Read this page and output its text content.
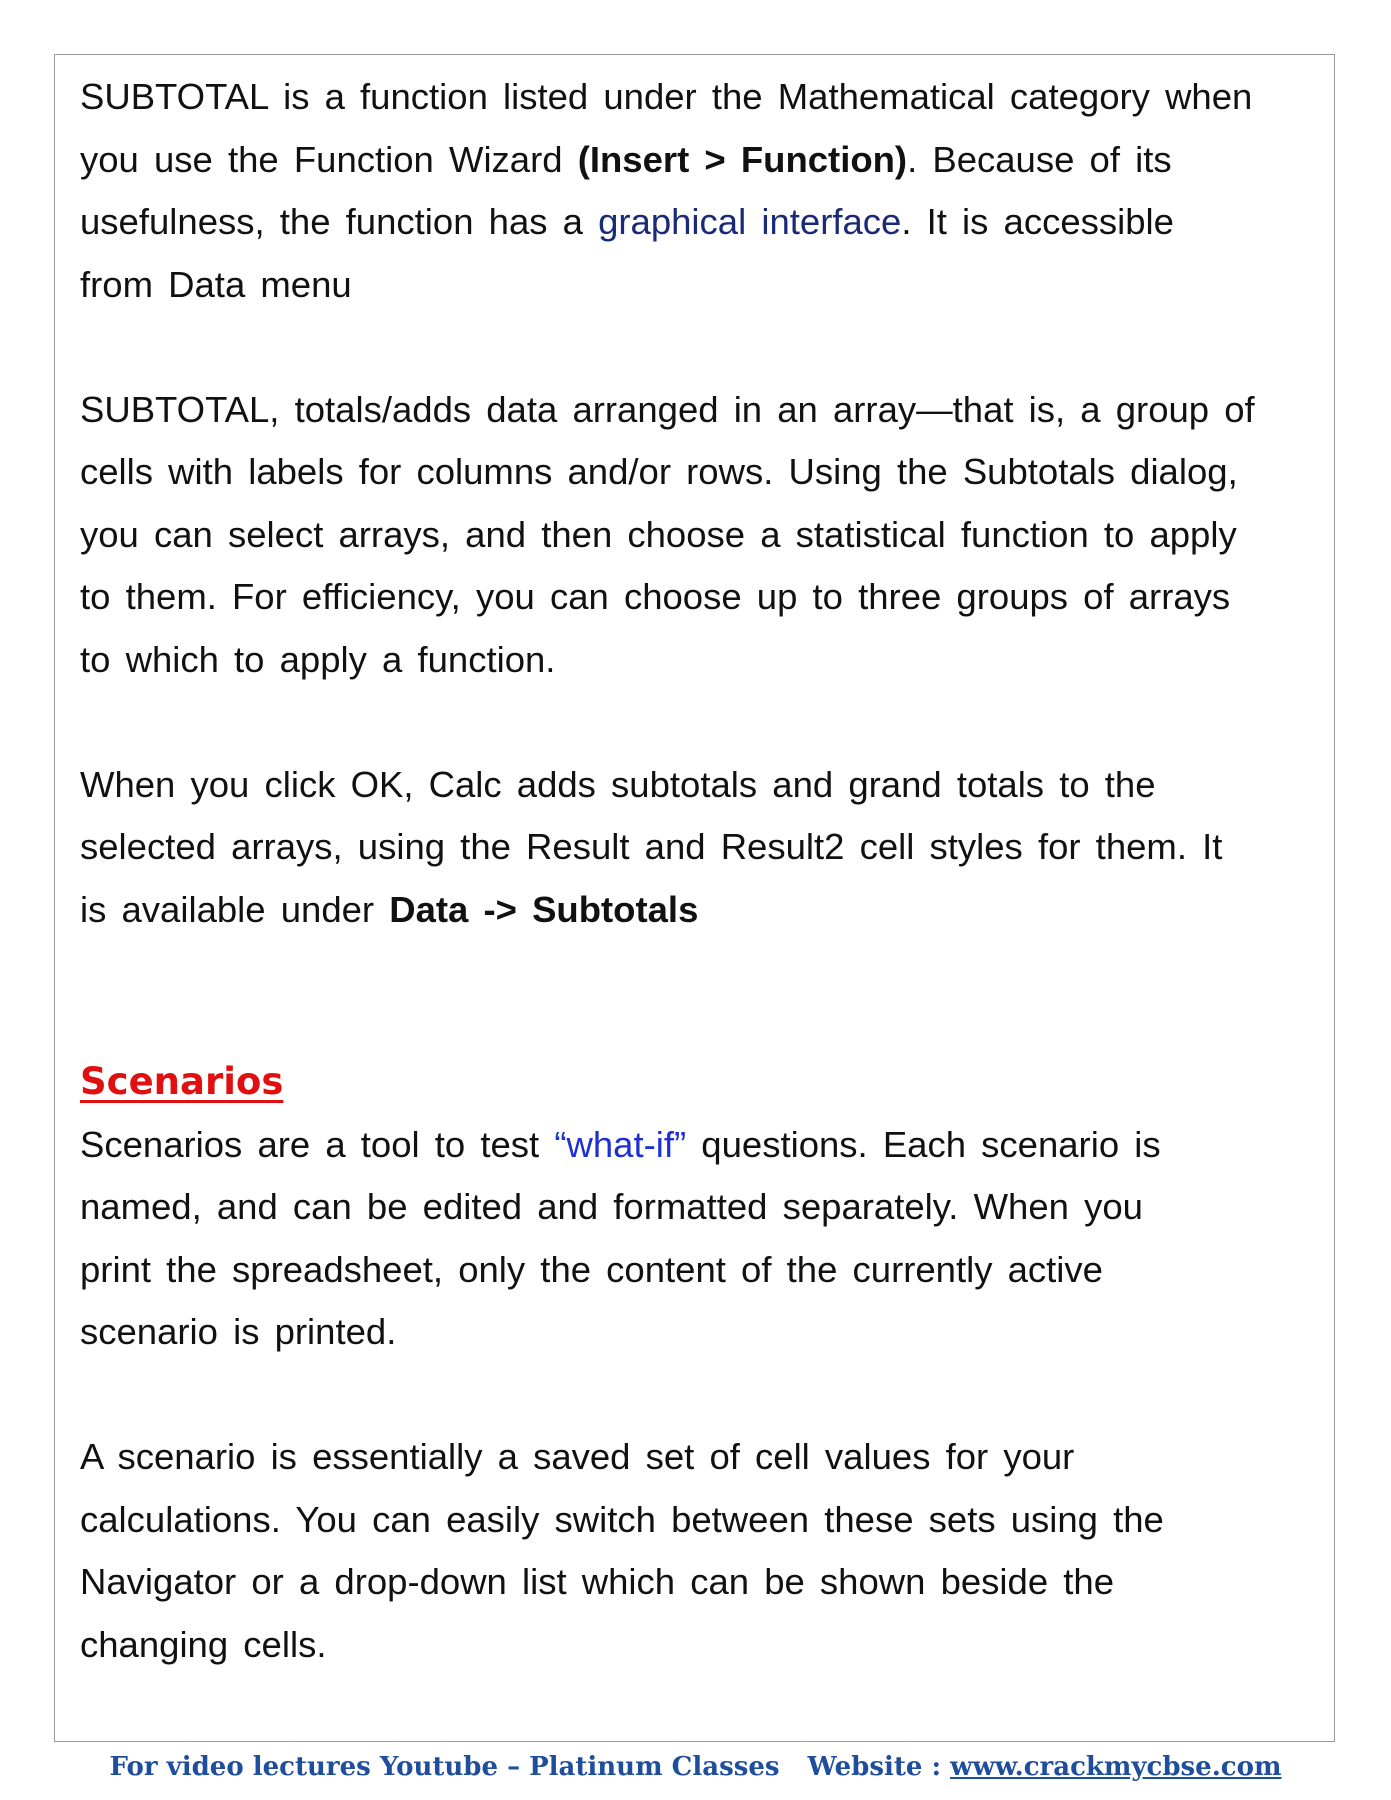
SUBTOTAL is a function listed under the Mathematical category when
you use the Function Wizard (Insert > Function). Because of its
usefulness, the function has a graphical interface. It is accessible
from Data menu

SUBTOTAL, totals/adds data arranged in an array—that is, a group of
cells with labels for columns and/or rows. Using the Subtotals dialog,
you can select arrays, and then choose a statistical function to apply
to them. For efficiency, you can choose up to three groups of arrays
to which to apply a function.

When you click OK, Calc adds subtotals and grand totals to the
selected arrays, using the Result and Result2 cell styles for them. It
is available under Data -> Subtotals

Scenarios

Scenarios are a tool to test “what-if” questions. Each scenario is
named, and can be edited and formatted separately. When you
print the spreadsheet, only the content of the currently active
scenario is printed.

A scenario is essentially a saved set of cell values for your
calculations. You can easily switch between these sets using the
Navigator or a drop-down list which can be shown beside the
changing cells.

For video lectures Youtube – Platinum Classes Website : www.crackmycbse.com
